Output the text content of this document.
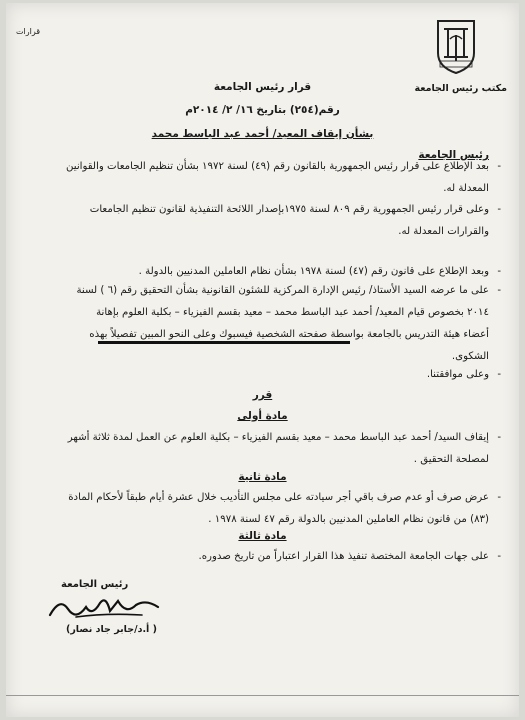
قرارات
مكتب رئيس الجامعة
قرار رئيس الجامعة
رقم(٢٥٤) بتاريخ ١٦/ ٢/ ٢٠١٤م
بشأن إيقاف المعيد/ أحمد عبد الباسط محمد
رئيس الجامعة
-
بعد الإطلاع على قرار رئيس الجمهورية بالقانون رقم (٤٩) لسنة ١٩٧٢ بشأن تنظيم الجامعات والقوانين
المعدلة له.
-
وعلى قرار رئيس الجمهورية رقم ٨٠٩ لسنة ١٩٧٥بإصدار اللائحة التنفيذية لقانون تنظيم الجامعات
والقرارات المعدلة له.
-
وبعد الإطلاع على قانون رقم (٤٧) لسنة ١٩٧٨ بشأن نظام العاملين المدنيين بالدولة .
-
على ما عرضه السيد الأستاذ/ رئيس الإدارة المركزية للشئون القانونية بشأن التحقيق رقم (٦ ) لسنة
٢٠١٤ بخصوص قيام المعيد/ أحمد عبد الباسط محمد – معيد بقسم الفيزياء – بكلية العلوم بإهانة
أعضاء هيئة التدريس بالجامعة بواسطة صفحته الشخصية فيسبوك وعلى النحو المبين تفصيلاً بهذه
الشكوى.
-
وعلى موافقتنا.
قرر
مادة أولى
-
إيقاف السيد/ أحمد عبد الباسط محمد – معيد بقسم الفيزياء – بكلية العلوم عن العمل لمدة ثلاثة أشهر
لمصلحة التحقيق .
مادة ثانية
-
عرض صرف أو عدم صرف باقي أجر سيادته على مجلس التأديب خلال عشرة أيام طبقاً لأحكام المادة
(٨٣) من قانون نظام العاملين المدنيين بالدولة رقم ٤٧ لسنة ١٩٧٨ .
مادة ثالثة
-
على جهات الجامعة المختصة تنفيذ هذا القرار اعتباراً من تاريخ صدوره.
رئيس الجامعة
( أ.د/جابر جاد نصار)
